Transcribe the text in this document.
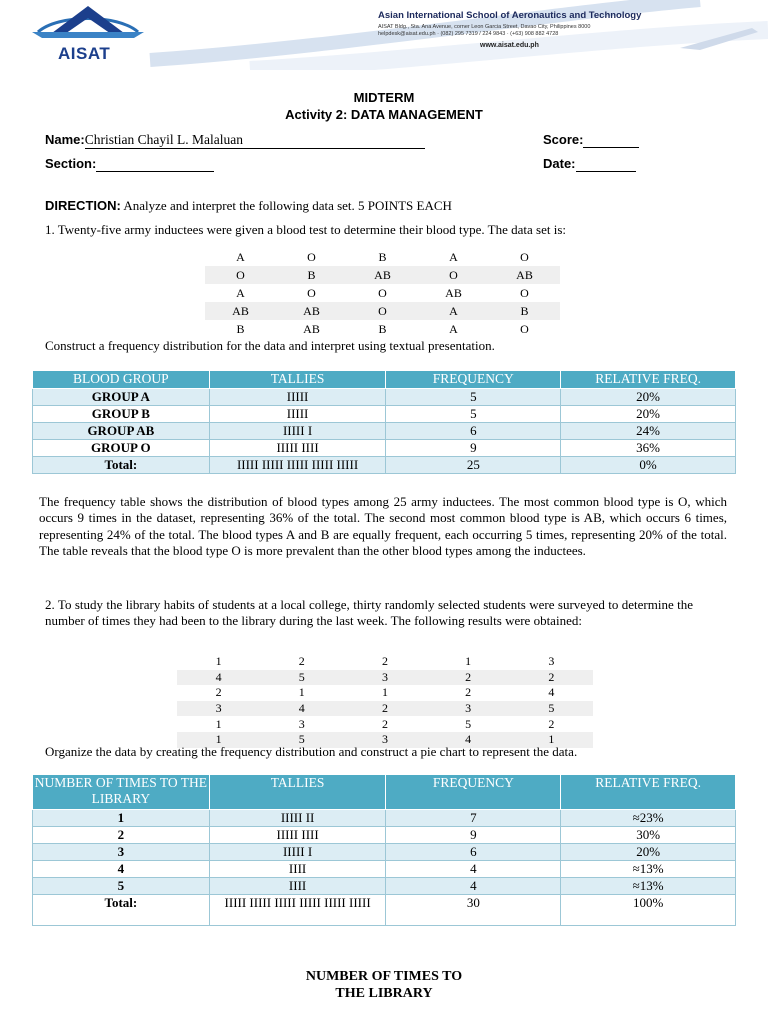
AISAT
Asian International School of Aeronautics and Technology
AISAT Bldg., Sta. Ana Avenue, corner Leon Garcia Street, Davao City, Philippines 8000
helpdesk@aisat.edu.ph · (082) 295 7319 / 224 9843 · (+63) 908 882 4728
www.aisat.edu.ph
MIDTERM
Activity 2: DATA MANAGEMENT
Name:Christian Chayil L. Malaluan	Score:
Section:	Date:
DIRECTION: Analyze and interpret the following data set. 5 POINTS EACH
1. Twenty-five army inductees were given a blood test to determine their blood type. The data set is:
A	O	B	A	O
O	B	AB	O	AB
A	O	O	AB	O
AB	AB	O	A	B
B	AB	B	A	O
Construct a frequency distribution for the data and interpret using textual presentation.
BLOOD GROUP	TALLIES	FREQUENCY	RELATIVE FREQ.
GROUP A	IIIII	5	20%
GROUP B	IIIII	5	20%
GROUP AB	IIIII I	6	24%
GROUP O	IIIII IIII	9	36%
Total:	IIIII IIIII IIIII IIIII IIIII	25	0%
The frequency table shows the distribution of blood types among 25 army inductees. The most common blood type is O, which occurs 9 times in the dataset, representing 36% of the total. The second most common blood type is AB, which occurs 6 times, representing 24% of the total. The blood types A and B are equally frequent, each occurring 5 times, representing 20% of the total. The table reveals that the blood type O is more prevalent than the other blood types among the inductees.
2. To study the library habits of students at a local college, thirty randomly selected students were surveyed to determine the number of times they had been to the library during the last week. The following results were obtained:
1	2	2	1	3
4	5	3	2	2
2	1	1	2	4
3	4	2	3	5
1	3	2	5	2
1	5	3	4	1
Organize the data by creating the frequency distribution and construct a pie chart to represent the data.
NUMBER OF TIMES TO THE LIBRARY	TALLIES	FREQUENCY	RELATIVE FREQ.
1	IIIII II	7	≈23%
2	IIIII IIII	9	30%
3	IIIII I	6	20%
4	IIII	4	≈13%
5	IIII	4	≈13%
Total:	IIIII IIIII IIIII IIIII IIIII IIIII	30	100%
NUMBER OF TIMES TO THE LIBRARY
